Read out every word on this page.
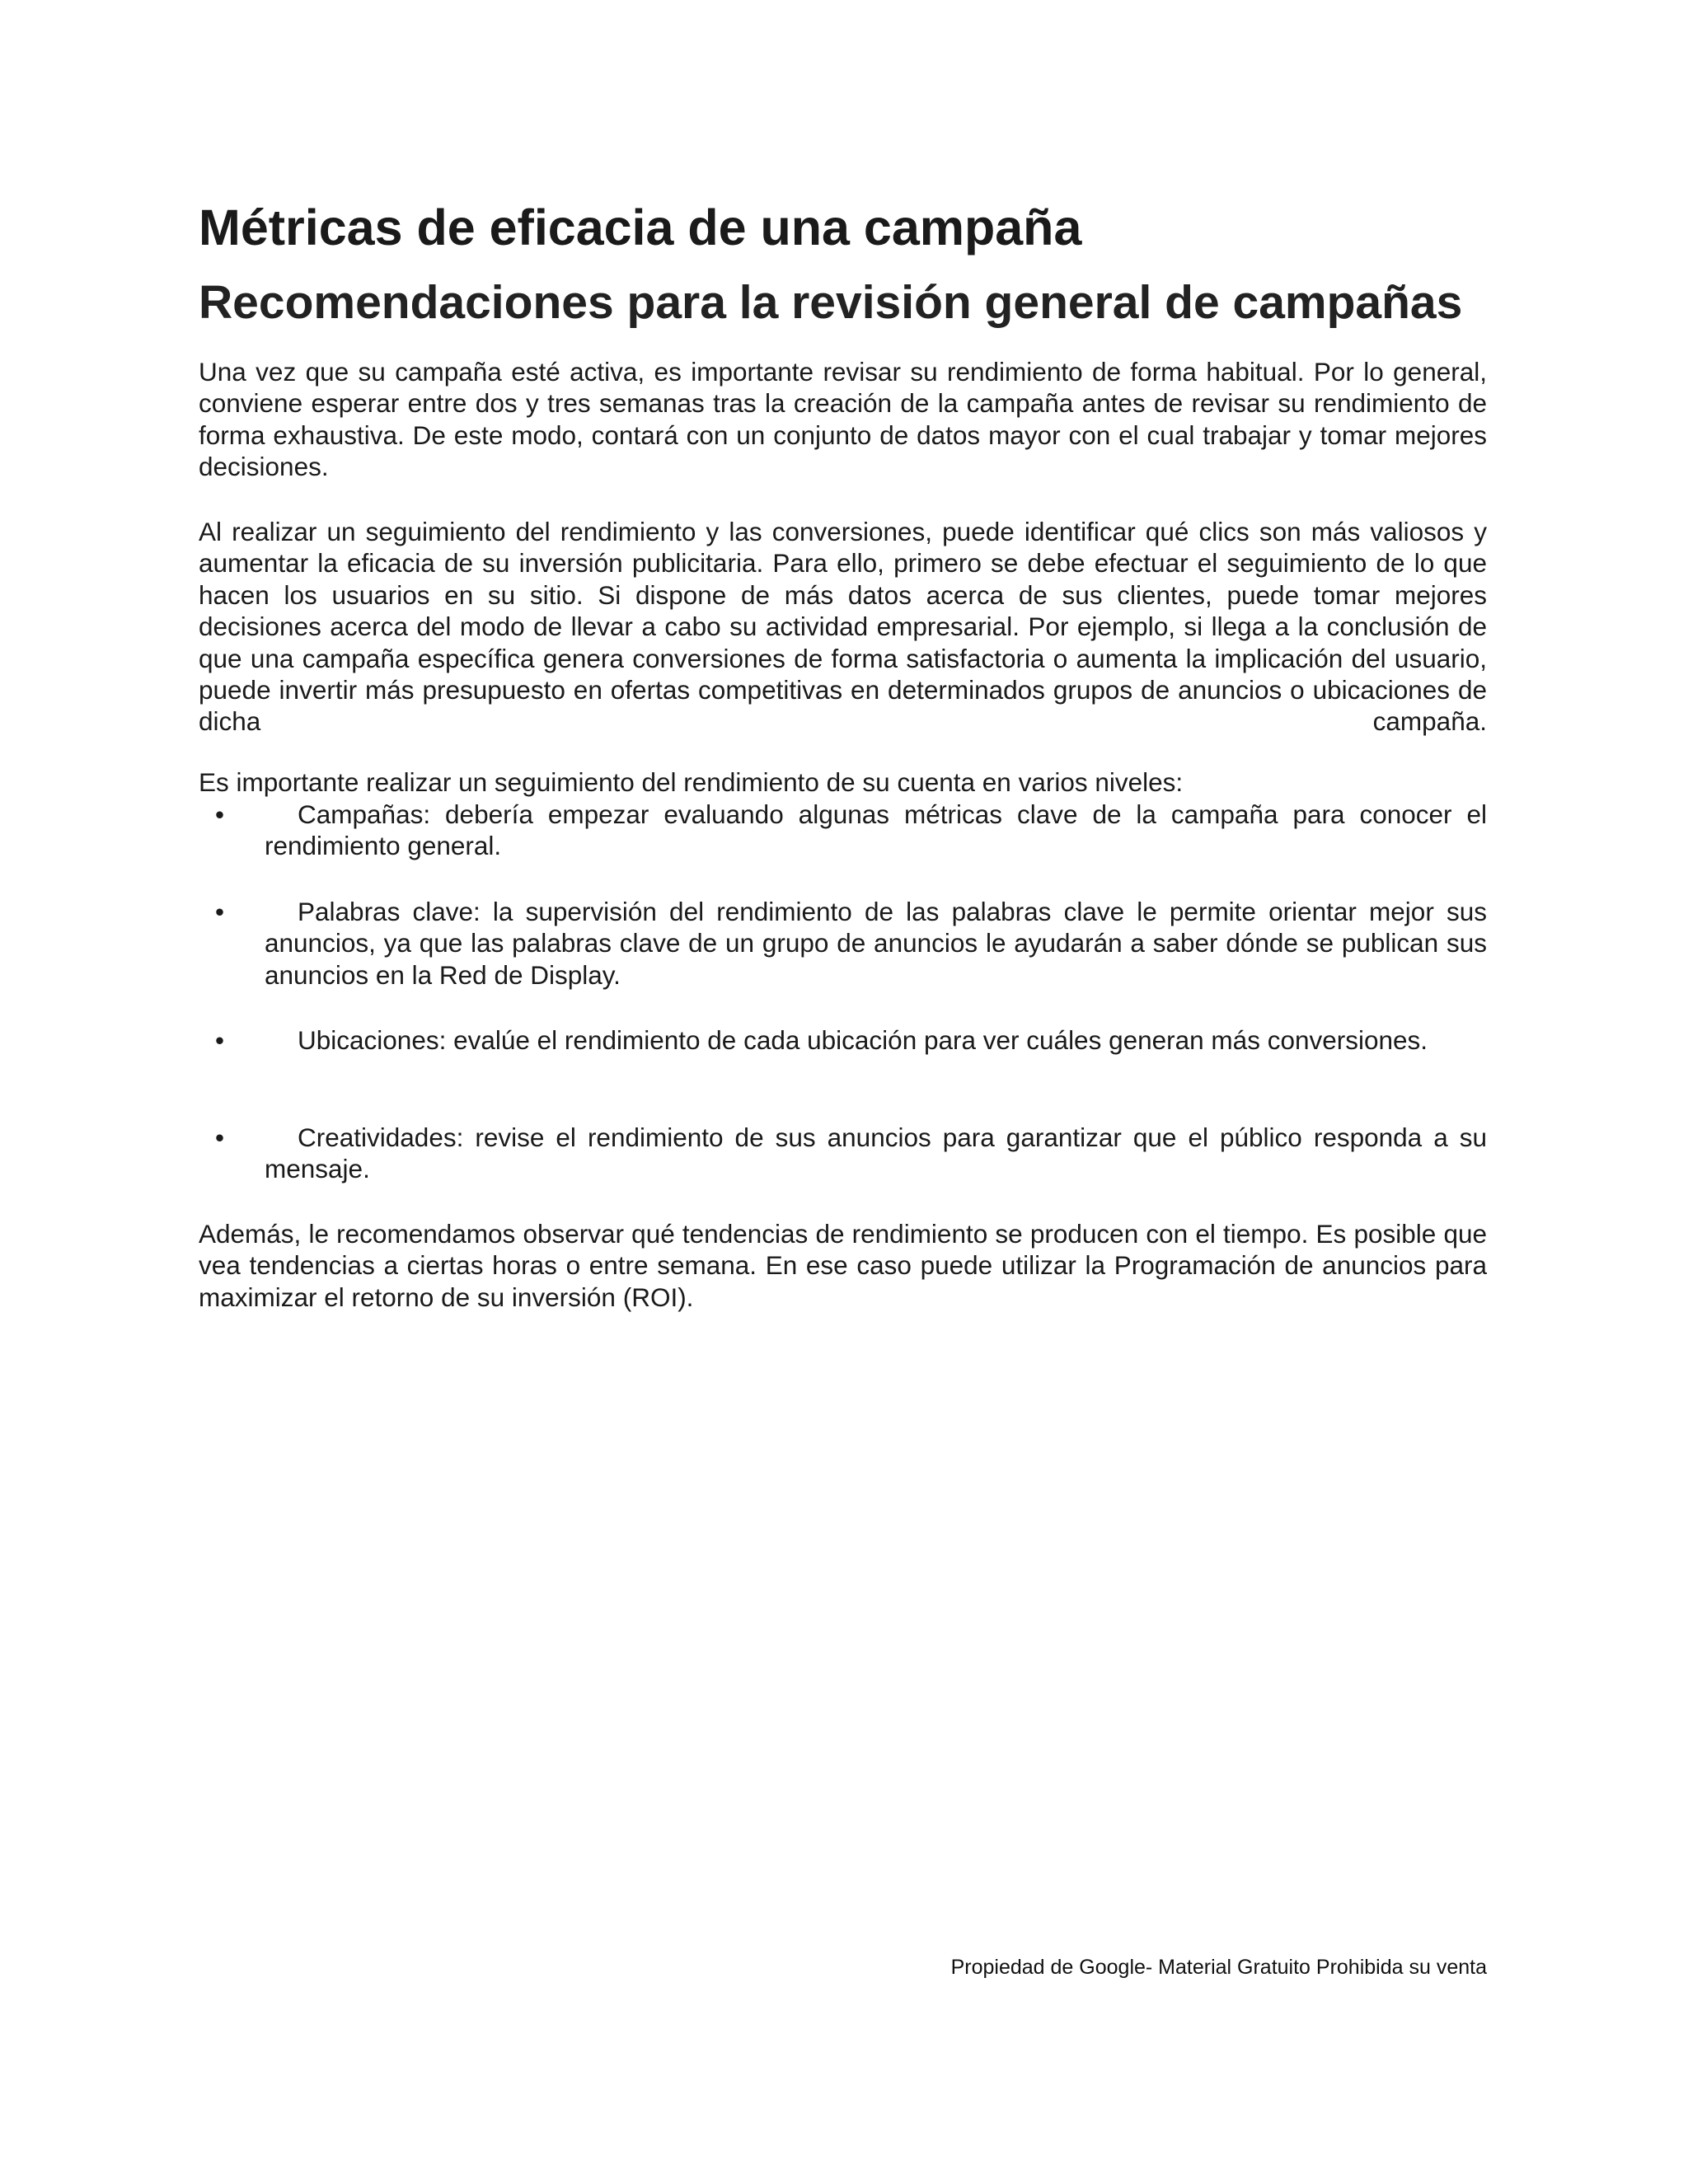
Métricas de eficacia de una campaña
Recomendaciones para la revisión general de campañas

Una vez que su campaña esté activa, es importante revisar su rendimiento de forma habitual. Por lo general, conviene esperar entre dos y tres semanas tras la creación de la campaña antes de revisar su rendimiento de forma exhaustiva. De este modo, contará con un conjunto de datos mayor con el cual trabajar y tomar mejores decisiones.

Al realizar un seguimiento del rendimiento y las conversiones, puede identificar qué clics son más valiosos y aumentar la eficacia de su inversión publicitaria. Para ello, primero se debe efectuar el seguimiento de lo que hacen los usuarios en su sitio. Si dispone de más datos acerca de sus clientes, puede tomar mejores decisiones acerca del modo de llevar a cabo su actividad empresarial. Por ejemplo, si llega a la conclusión de que una campaña específica genera conversiones de forma satisfactoria o aumenta la implicación del usuario, puede invertir más presupuesto en ofertas competitivas en determinados grupos de anuncios o ubicaciones de dicha campaña.

Es importante realizar un seguimiento del rendimiento de su cuenta en varios niveles:

•	Campañas: debería empezar evaluando algunas métricas clave de la campaña para conocer el rendimiento general.
•	Palabras clave: la supervisión del rendimiento de las palabras clave le permite orientar mejor sus anuncios, ya que las palabras clave de un grupo de anuncios le ayudarán a saber dónde se publican sus anuncios en la Red de Display.
•	Ubicaciones: evalúe el rendimiento de cada ubicación para ver cuáles generan más conversiones.
•	Creatividades: revise el rendimiento de sus anuncios para garantizar que el público responda a su mensaje.

Además, le recomendamos observar qué tendencias de rendimiento se producen con el tiempo. Es posible que vea tendencias a ciertas horas o entre semana. En ese caso puede utilizar la Programación de anuncios para maximizar el retorno de su inversión (ROI).

Propiedad de Google- Material Gratuito Prohibida su venta
